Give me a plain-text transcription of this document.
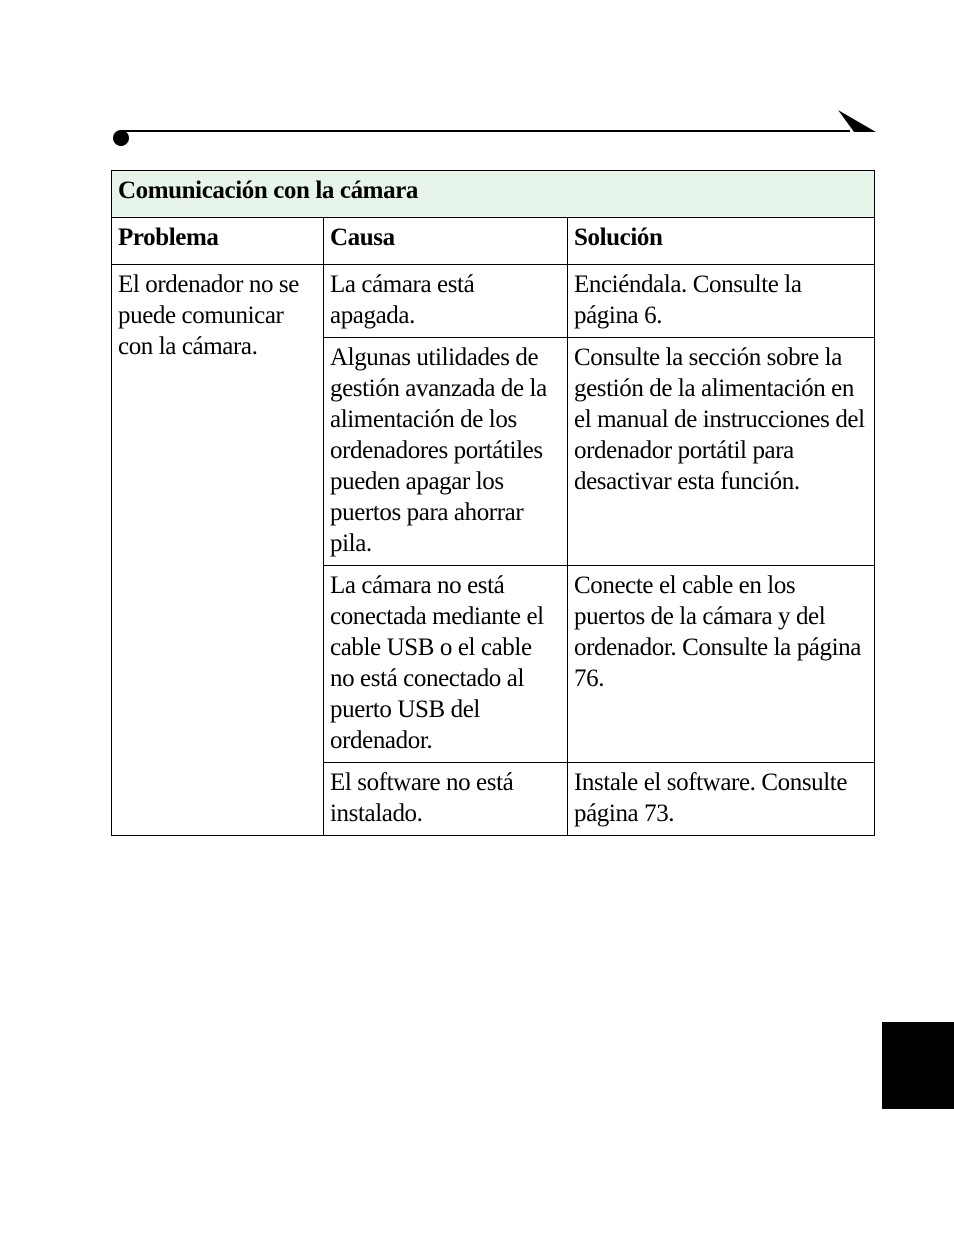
Comunicación con la cámara		
Problema	Causa	Solución
El ordenador no se puede comunicar con la cámara.	La cámara está apagada.	Enciéndala. Consulte la página 6.
	Algunas utilidades de gestión avanzada de la alimentación de los ordenadores portátiles pueden apagar los puertos para ahorrar pila.	Consulte la sección sobre la gestión de la alimentación en el manual de instrucciones del ordenador portátil para desactivar esta función.
	La cámara no está conectada mediante el cable USB o el cable no está conectado al puerto USB del ordenador.	Conecte el cable en los puertos de la cámara y del ordenador. Consulte la página 76.
	El software no está instalado.	Instale el software. Consulte página 73.
